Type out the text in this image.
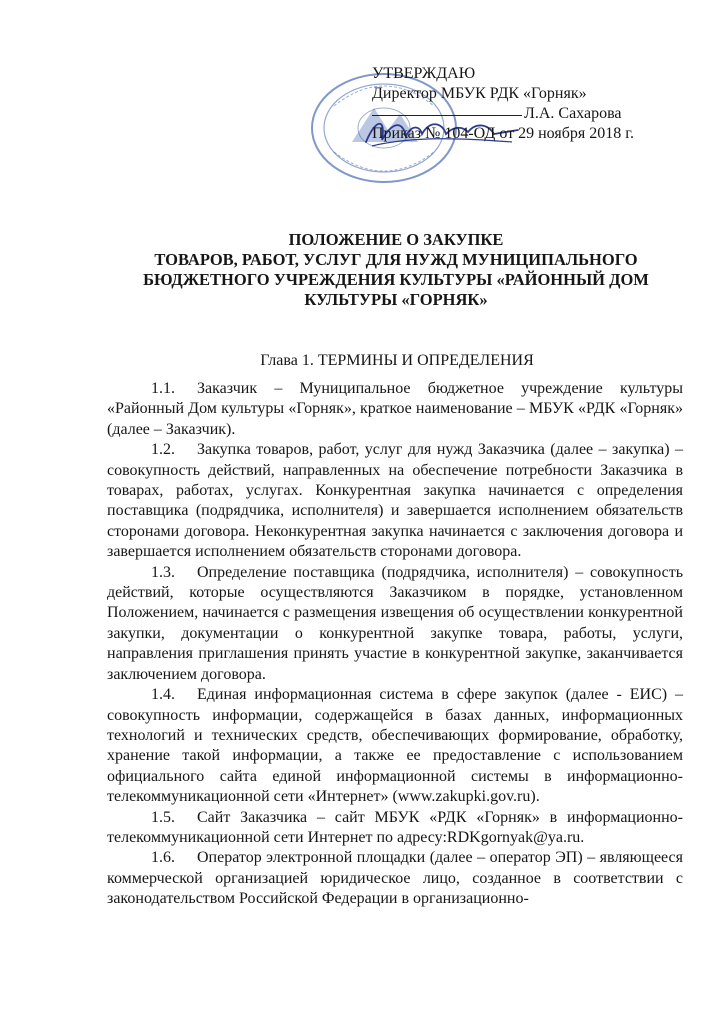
УТВЕРЖДАЮ
Директор МБУК РДК «Горняк»
Л.А. Сахарова
Приказ № 104-ОД от 29 ноября 2018 г.
ПОЛОЖЕНИЕ О ЗАКУПКЕ
ТОВАРОВ, РАБОТ, УСЛУГ ДЛЯ НУЖД МУНИЦИПАЛЬНОГО
БЮДЖЕТНОГО УЧРЕЖДЕНИЯ КУЛЬТУРЫ «РАЙОННЫЙ ДОМ
КУЛЬТУРЫ «ГОРНЯК»
Глава 1. ТЕРМИНЫ И ОПРЕДЕЛЕНИЯ

1.1. Заказчик – Муниципальное бюджетное учреждение культуры «Районный Дом культуры «Горняк», краткое наименование – МБУК «РДК «Горняк» (далее – Заказчик).

1.2. Закупка товаров, работ, услуг для нужд Заказчика (далее – закупка) – совокупность действий, направленных на обеспечение потребности Заказчика в товарах, работах, услугах. Конкурентная закупка начинается с определения поставщика (подрядчика, исполнителя) и завершается исполнением обязательств сторонами договора. Неконкурентная закупка начинается с заключения договора и завершается исполнением обязательств сторонами договора.

1.3. Определение поставщика (подрядчика, исполнителя) – совокупность действий, которые осуществляются Заказчиком в порядке, установленном Положением, начинается с размещения извещения об осуществлении конкурентной закупки, документации о конкурентной закупке товара, работы, услуги, направления приглашения принять участие в конкурентной закупке, заканчивается заключением договора.

1.4. Единая информационная система в сфере закупок (далее - ЕИС) – совокупность информации, содержащейся в базах данных, информационных технологий и технических средств, обеспечивающих формирование, обработку, хранение такой информации, а также ее предоставление с использованием официального сайта единой информационной системы в информационно-телекоммуникационной сети «Интернет» (www.zakupki.gov.ru).

1.5. Сайт Заказчика – сайт МБУК «РДК «Горняк» в информационно-телекоммуникационной сети Интернет по адресу:RDKgornyak@ya.ru.

1.6. Оператор электронной площадки (далее – оператор ЭП) – являющееся коммерческой организацией юридическое лицо, созданное в соответствии с законодательством Российской Федерации в организационно-
